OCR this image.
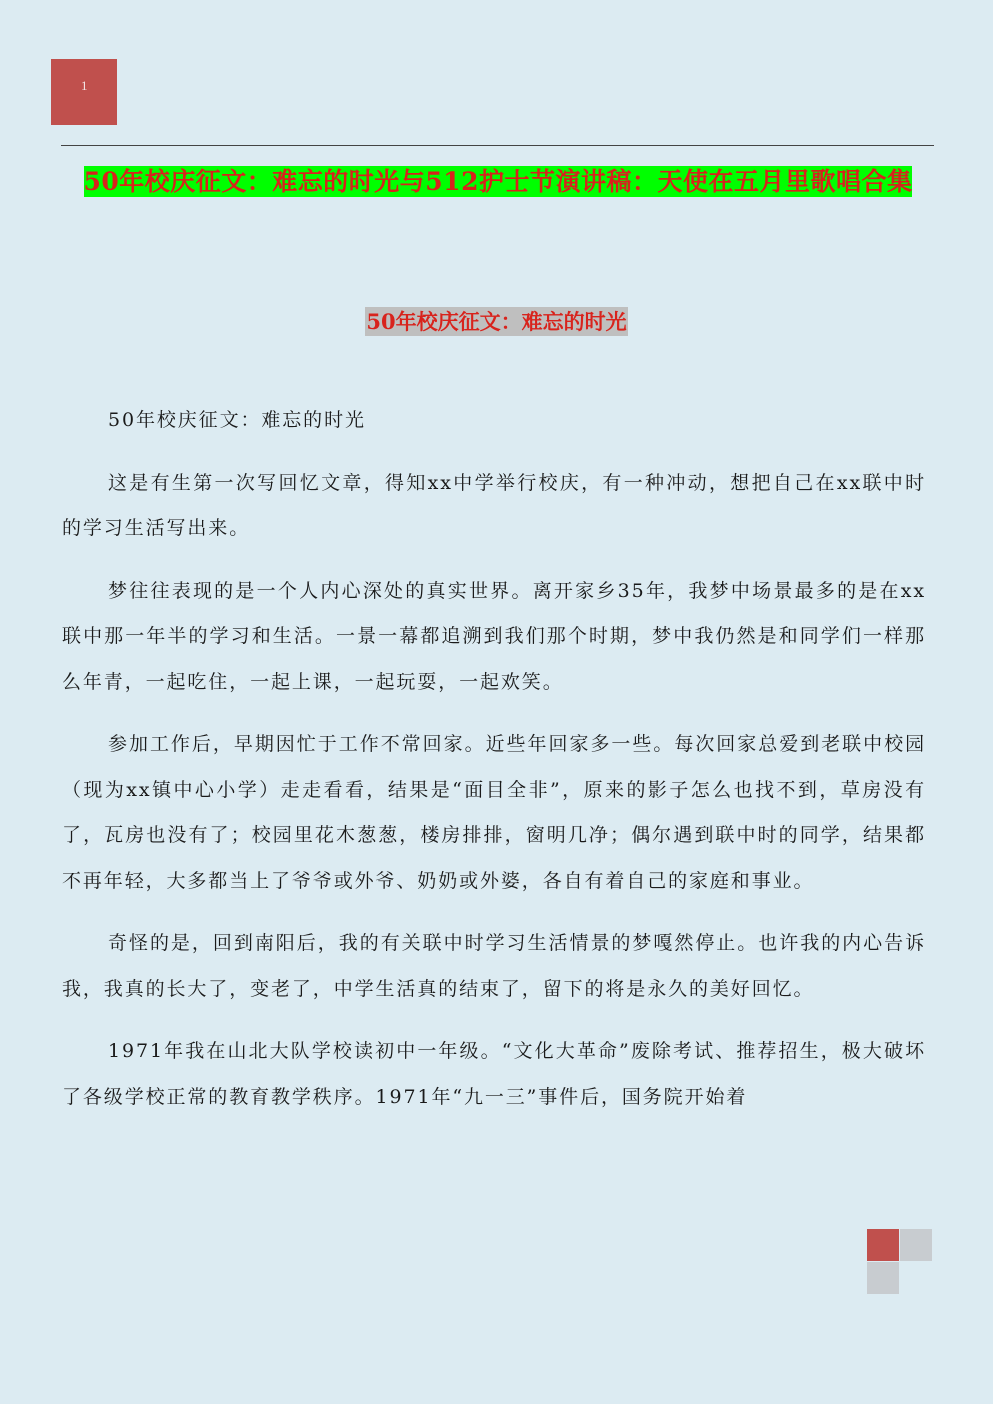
1
50年校庆征文：难忘的时光与512护士节演讲稿：天使在五月里歌唱合集
50年校庆征文：难忘的时光

50年校庆征文：难忘的时光

这是有生第一次写回忆文章，得知xx中学举行校庆，有一种冲动，想把自己在xx联中时的学习生活写出来。

梦往往表现的是一个人内心深处的真实世界。离开家乡35年，我梦中场景最多的是在xx联中那一年半的学习和生活。一景一幕都追溯到我们那个时期，梦中我仍然是和同学们一样那么年青，一起吃住，一起上课，一起玩耍，一起欢笑。

参加工作后，早期因忙于工作不常回家。近些年回家多一些。每次回家总爱到老联中校园（现为xx镇中心小学）走走看看，结果是“面目全非”，原来的影子怎么也找不到，草房没有了，瓦房也没有了；校园里花木葱葱，楼房排排，窗明几净；偶尔遇到联中时的同学，结果都不再年轻，大多都当上了爷爷或外爷、奶奶或外婆，各自有着自己的家庭和事业。

奇怪的是，回到南阳后，我的有关联中时学习生活情景的梦嘎然停止。也许我的内心告诉我，我真的长大了，变老了，中学生活真的结束了，留下的将是永久的美好回忆。

1971年我在山北大队学校读初中一年级。“文化大革命”废除考试、推荐招生，极大破坏了各级学校正常的教育教学秩序。1971年“九一三”事件后，国务院开始着
